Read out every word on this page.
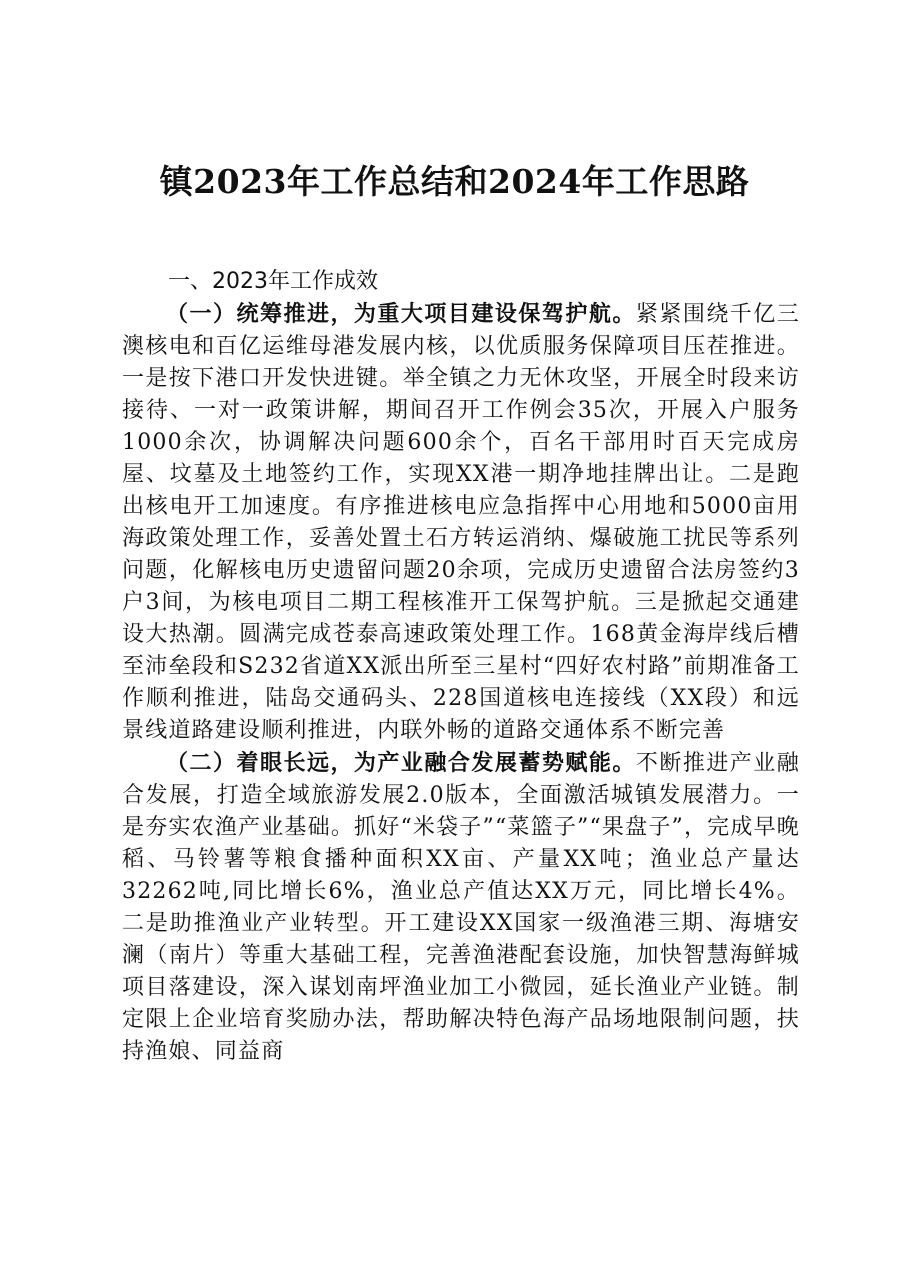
镇2023年工作总结和2024年工作思路
一、2023年工作成效

（一）统筹推进，为重大项目建设保驾护航。紧紧围绕千亿三澳核电和百亿运维母港发展内核，以优质服务保障项目压茬推进。一是按下港口开发快进键。举全镇之力无休攻坚，开展全时段来访接待、一对一政策讲解，期间召开工作例会35次，开展入户服务1000余次，协调解决问题600余个，百名干部用时百天完成房屋、坟墓及土地签约工作，实现XX港一期净地挂牌出让。二是跑出核电开工加速度。有序推进核电应急指挥中心用地和5000亩用海政策处理工作，妥善处置土石方转运消纳、爆破施工扰民等系列问题，化解核电历史遗留问题20余项，完成历史遗留合法房签约3户3间，为核电项目二期工程核准开工保驾护航。三是掀起交通建设大热潮。圆满完成苍泰高速政策处理工作。168黄金海岸线后槽至沛垒段和S232省道XX派出所至三星村“四好农村路”前期准备工作顺利推进，陆岛交通码头、228国道核电连接线（XX段）和远景线道路建设顺利推进，内联外畅的道路交通体系不断完善

（二）着眼长远，为产业融合发展蓄势赋能。不断推进产业融合发展，打造全域旅游发展2.0版本，全面激活城镇发展潜力。一是夯实农渔产业基础。抓好“米袋子”“菜篮子”“果盘子”，完成早晚稻、马铃薯等粮食播种面积XX亩、产量XX吨；渔业总产量达32262吨,同比增长6%，渔业总产值达XX万元，同比增长4%。二是助推渔业产业转型。开工建设XX国家一级渔港三期、海塘安澜（南片）等重大基础工程，完善渔港配套设施，加快智慧海鲜城项目落建设，深入谋划南坪渔业加工小微园，延长渔业产业链。制定限上企业培育奖励办法，帮助解决特色海产品场地限制问题，扶持渔娘、同益商
